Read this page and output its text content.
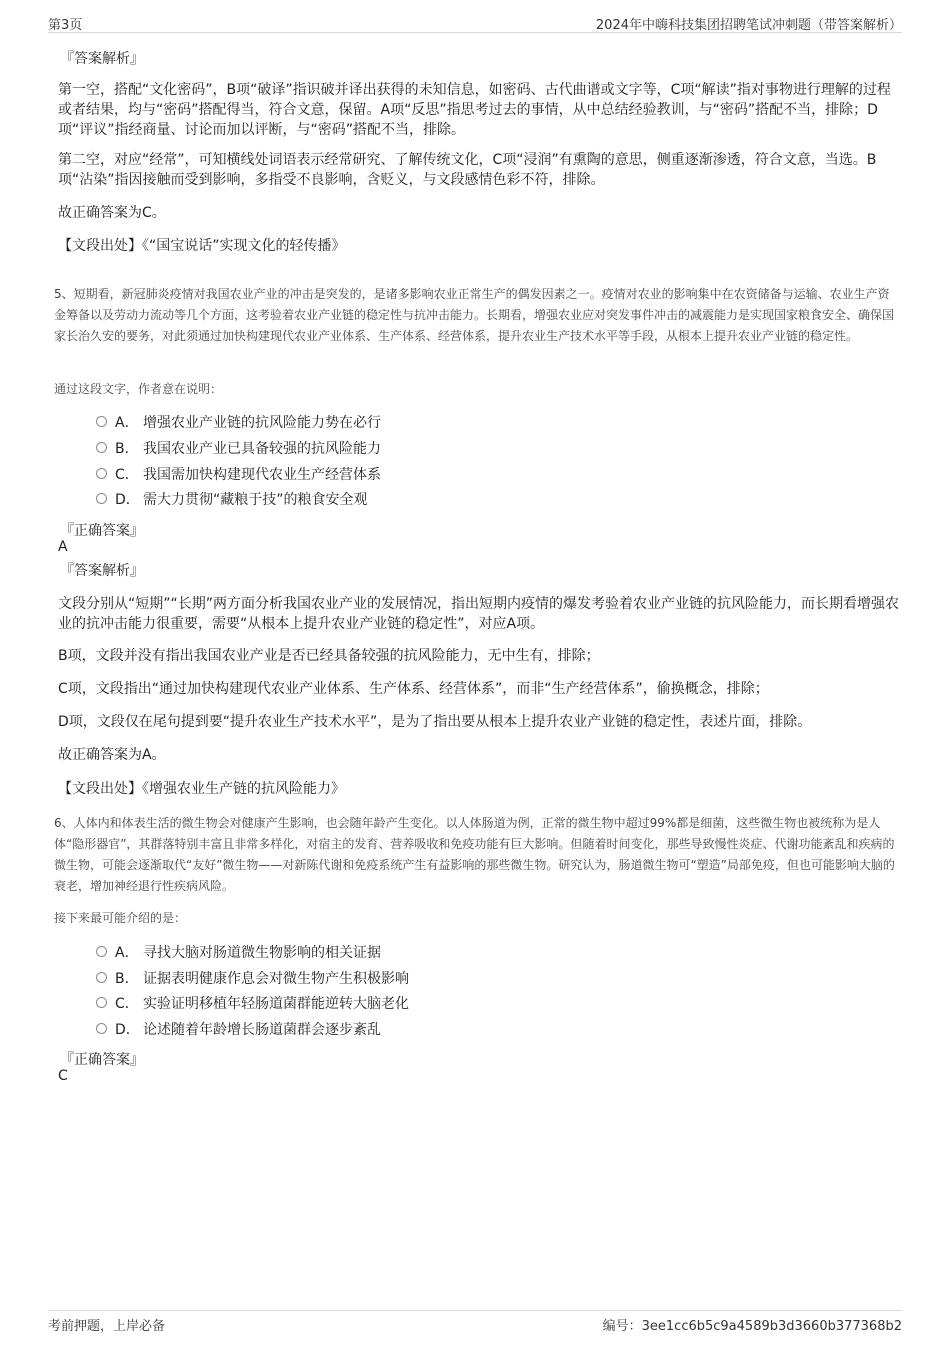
第3页	2024年中嗨科技集团招聘笔试冲刺题（带答案解析）
『答案解析』
第一空，搭配“文化密码”，B项“破译”指识破并译出获得的未知信息，如密码、古代曲谱或文字等，C项“解读”指对事物进行理解的过程或者结果，均与“密码”搭配得当，符合文意，保留。A项“反思”指思考过去的事情，从中总结经验教训，与“密码”搭配不当，排除；D项“评议”指经商量、讨论而加以评断，与“密码”搭配不当，排除。
第二空，对应“经常”，可知横线处词语表示经常研究、了解传统文化，C项“浸润”有熏陶的意思，侧重逐渐渗透，符合文意，当选。B项“沾染”指因接触而受到影响，多指受不良影响，含贬义，与文段感情色彩不符，排除。
故正确答案为C。
【文段出处】《“国宝说话”实现文化的轻传播》
5、短期看，新冠肺炎疫情对我国农业产业的冲击是突发的，是诸多影响农业正常生产的偶发因素之一。疫情对农业的影响集中在农资储备与运输、农业生产资金筹备以及劳动力流动等几个方面，这考验着农业产业链的稳定性与抗冲击能力。长期看，增强农业应对突发事件冲击的减震能力是实现国家粮食安全、确保国家长治久安的要务，对此须通过加快构建现代农业产业体系、生产体系、经营体系，提升农业生产技术水平等手段，从根本上提升农业产业链的稳定性。
通过这段文字，作者意在说明：
A． 增强农业产业链的抗风险能力势在必行
B． 我国农业产业已具备较强的抗风险能力
C． 我国需加快构建现代农业生产经营体系
D． 需大力贯彻“藏粮于技”的粮食安全观
『正确答案』
A
『答案解析』
文段分别从“短期”“长期”两方面分析我国农业产业的发展情况，指出短期内疫情的爆发考验着农业产业链的抗风险能力，而长期看增强农业的抗冲击能力很重要，需要“从根本上提升农业产业链的稳定性”，对应A项。
B项，文段并没有指出我国农业产业是否已经具备较强的抗风险能力，无中生有，排除；
C项，文段指出“通过加快构建现代农业产业体系、生产体系、经营体系”，而非“生产经营体系”，偷换概念，排除；
D项，文段仅在尾句提到要“提升农业生产技术水平”，是为了指出要从根本上提升农业产业链的稳定性，表述片面，排除。
故正确答案为A。
【文段出处】《增强农业生产链的抗风险能力》
6、人体内和体表生活的微生物会对健康产生影响，也会随年龄产生变化。以人体肠道为例，正常的微生物中超过99%都是细菌，这些微生物也被统称为是人体“隐形器官”，其群落特别丰富且非常多样化，对宿主的发育、营养吸收和免疫功能有巨大影响。但随着时间变化，那些导致慢性炎症、代谢功能紊乱和疾病的微生物，可能会逐渐取代“友好”微生物——对新陈代谢和免疫系统产生有益影响的那些微生物。研究认为，肠道微生物可“塑造”局部免疫，但也可能影响大脑的衰老，增加神经退行性疾病风险。
接下来最可能介绍的是：
A． 寻找大脑对肠道微生物影响的相关证据
B． 证据表明健康作息会对微生物产生积极影响
C． 实验证明移植年轻肠道菌群能逆转大脑老化
D． 论述随着年龄增长肠道菌群会逐步紊乱
『正确答案』
C
考前押题，上岸必备	编号：3ee1cc6b5c9a4589b3d3660b377368b2
